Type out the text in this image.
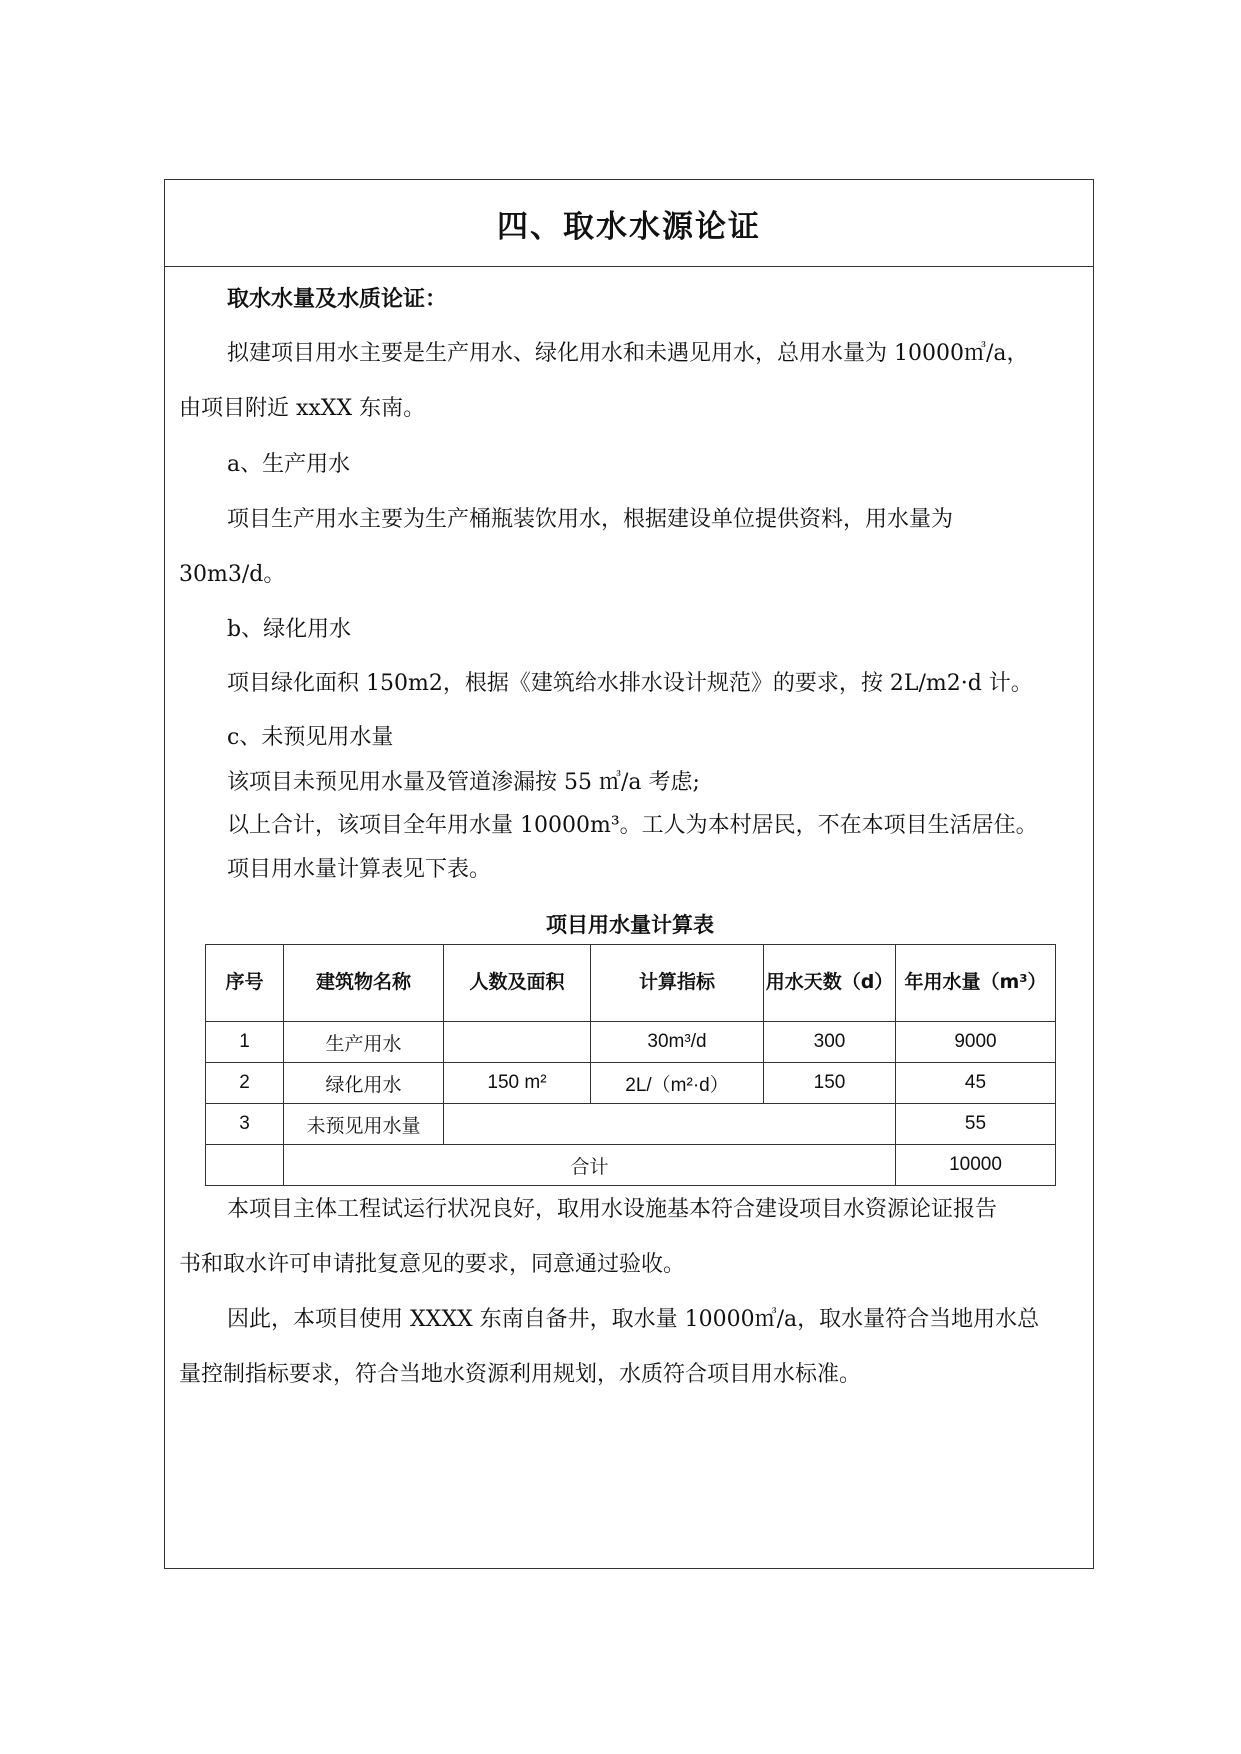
四、取水水源论证
取水水量及水质论证：
拟建项目用水主要是生产用水、绿化用水和未遇见用水，总用水量为 10000㎥/a，
由项目附近 xxXX 东南。
a、生产用水
项目生产用水主要为生产桶瓶装饮用水，根据建设单位提供资料，用水量为
30m3/d。
b、绿化用水
项目绿化面积 150m2，根据《建筑给水排水设计规范》的要求，按 2L/m2·d 计。
c、未预见用水量
该项目未预见用水量及管道渗漏按 55 ㎥/a 考虑;
以上合计，该项目全年用水量 10000m³。工人为本村居民，不在本项目生活居住。
项目用水量计算表见下表。
项目用水量计算表
序号	建筑物名称	人数及面积	计算指标	用水天数（d）	年用水量（m³）
1	生产用水		30m³/d	300	9000
2	绿化用水	150 m²	2L/（m²·d）	150	45
3	未预见用水量				55
	合计				10000
本项目主体工程试运行状况良好，取用水设施基本符合建设项目水资源论证报告
书和取水许可申请批复意见的要求，同意通过验收。
因此，本项目使用 XXXX 东南自备井，取水量 10000㎥/a，取水量符合当地用水总
量控制指标要求，符合当地水资源利用规划，水质符合项目用水标准。
